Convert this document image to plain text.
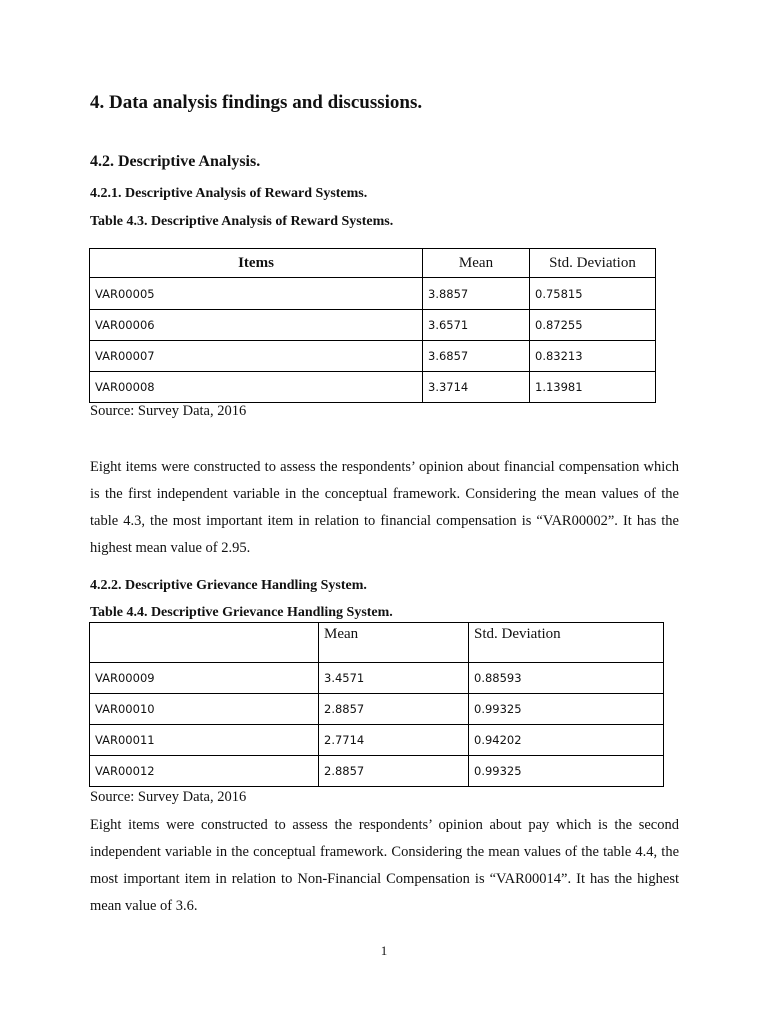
4. Data analysis findings and discussions.
4.2. Descriptive Analysis.
4.2.1. Descriptive Analysis of Reward Systems.
Table 4.3. Descriptive Analysis of Reward Systems.
Items	Mean	Std. Deviation
VAR00005	3.8857	0.75815
VAR00006	3.6571	0.87255
VAR00007	3.6857	0.83213
VAR00008	3.3714	1.13981
Source: Survey Data, 2016
Eight items were constructed to assess the respondents’ opinion about financial compensation which is the first independent variable in the conceptual framework. Considering the mean values of the table 4.3, the most important item in relation to financial compensation is “VAR00002”. It has the highest mean value of 2.95.
4.2.2. Descriptive Grievance Handling System.
Table 4.4. Descriptive Grievance Handling System.
	Mean	Std. Deviation
VAR00009	3.4571	0.88593
VAR00010	2.8857	0.99325
VAR00011	2.7714	0.94202
VAR00012	2.8857	0.99325
Source: Survey Data, 2016
Eight items were constructed to assess the respondents’ opinion about pay which is the second independent variable in the conceptual framework. Considering the mean values of the table 4.4, the most important item in relation to Non-Financial Compensation is “VAR00014”. It has the highest mean value of 3.6.
1
